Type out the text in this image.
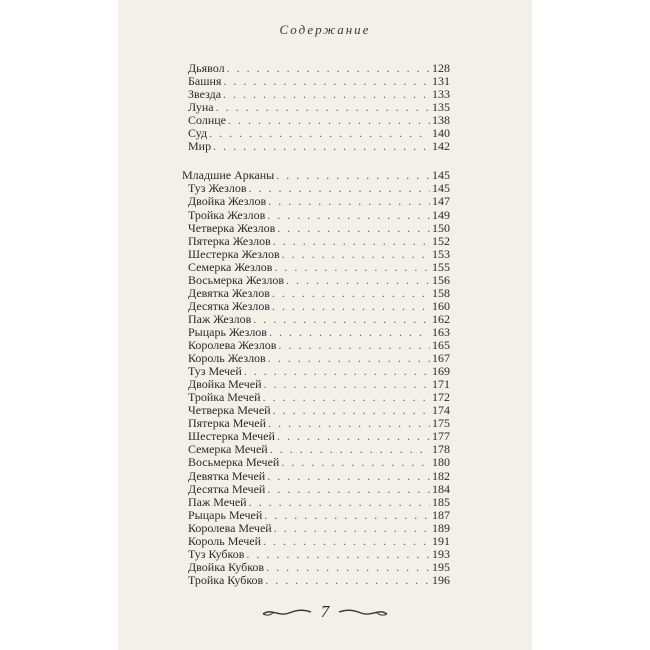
Содержание
Дьявол . . .	128
Башня . . .	131
Звезда . . .	133
Луна . . .	135
Солнце . . .	138
Суд . . .	140
Мир . . .	142
Младшие Арканы . . .	145
Туз Жезлов . . .	145
Двойка Жезлов . . .	147
Тройка Жезлов . . .	149
Четверка Жезлов . . .	150
Пятерка Жезлов . . .	152
Шестерка Жезлов . . .	153
Семерка Жезлов . . .	155
Восьмерка Жезлов . . .	156
Девятка Жезлов . . .	158
Десятка Жезлов . . .	160
Паж Жезлов . . .	162
Рыцарь Жезлов . . .	163
Королева Жезлов . . .	165
Король Жезлов . . .	167
Туз Мечей . . .	169
Двойка Мечей . . .	171
Тройка Мечей . . .	172
Четверка Мечей . . .	174
Пятерка Мечей . . .	175
Шестерка Мечей . . .	177
Семерка Мечей . . .	178
Восьмерка Мечей . . .	180
Девятка Мечей . . .	182
Десятка Мечей . . .	184
Паж Мечей . . .	185
Рыцарь Мечей . . .	187
Королева Мечей . . .	189
Король Мечей . . .	191
Туз Кубков . . .	193
Двойка Кубков . . .	195
Тройка Кубков . . .	196
7
